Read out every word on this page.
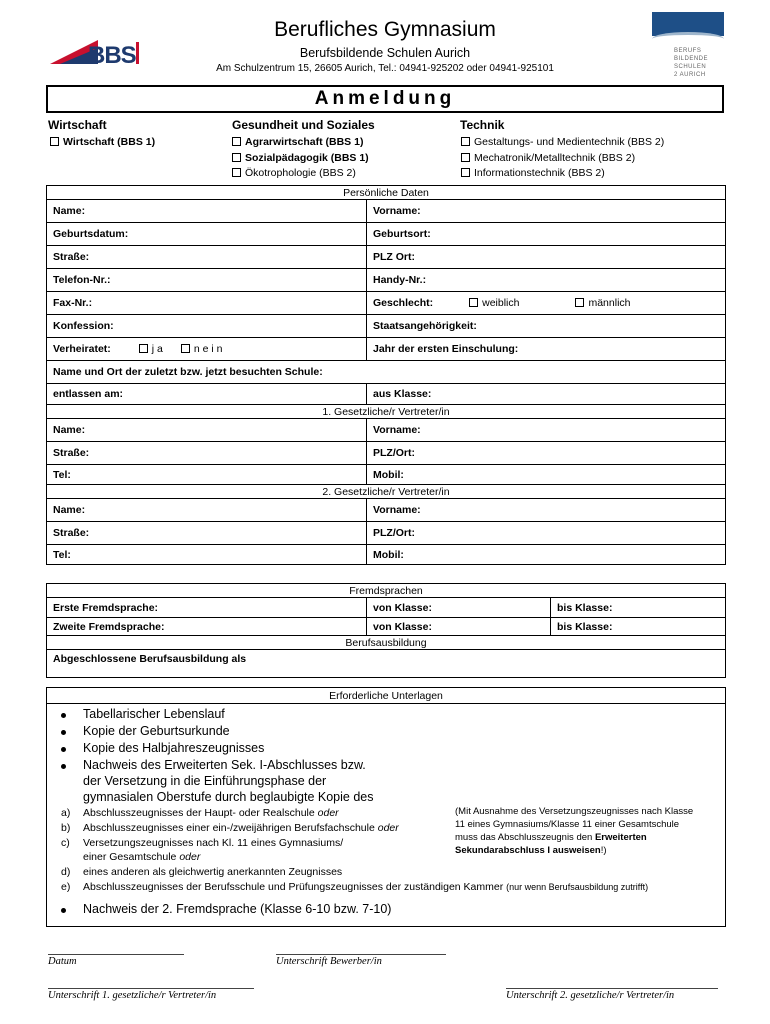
BBS
Berufliches Gymnasium
Berufsbildende Schulen Aurich
Am Schulzentrum 15, 26605 Aurich, Tel.: 04941-925202 oder 04941-925101
BERUFS
BILDENDE
SCHULEN
2 AURICH
Anmeldung
Wirtschaft	Gesundheit und Soziales	Technik
Wirtschaft (BBS 1)	Agrarwirtschaft (BBS 1)
Sozialpädagogik (BBS 1)
Ökotrophologie (BBS 2)
Gestaltungs- und Medientechnik (BBS 2)
Mechatronik/Metalltechnik (BBS 2)
Informationstechnik (BBS 2)
Persönliche Daten	
Name:	Vorname:
Geburtsdatum:	Geburtsort:
Straße:	PLZ Ort:
Telefon-Nr.:	Handy-Nr.:
Fax-Nr.:	Geschlecht: weiblich männlich
Konfession:	Staatsangehörigkeit:
Verheiratet: j a n e i n	Jahr der ersten Einschulung:
Name und Ort der zuletzt bzw. jetzt besuchten Schule:	
entlassen am:	aus Klasse:
1. Gesetzliche/r Vertreter/in	
Name:	Vorname:
Straße:	PLZ/Ort:
Tel:	Mobil:
2. Gesetzliche/r Vertreter/in	
Name:	Vorname:
Straße:	PLZ/Ort:
Tel:	Mobil:
Fremdsprachen		
Erste Fremdsprache:	von Klasse:	bis Klasse:
Zweite Fremdsprache:	von Klasse:	bis Klasse:
Berufsausbildung		
Abgeschlossene Berufsausbildung als		
Erforderliche Unterlagen
Tabellarischer Lebenslauf
Kopie der Geburtsurkunde
Kopie des Halbjahreszeugnisses
Nachweis des Erweiterten Sek. I-Abschlusses bzw.
der Versetzung in die Einführungsphase der
gymnasialen Oberstufe durch beglaubigte Kopie des
a) Abschlusszeugnisses der Haupt- oder Realschule oder
b) Abschlusszeugnisses einer ein-/zweijährigen Berufsfachschule oder
c) Versetzungszeugnisses nach Kl. 11 eines Gymnasiums/
einer Gesamtschule oder
d) eines anderen als gleichwertig anerkannten Zeugnisses
e) Abschlusszeugnisses der Berufsschule und Prüfungszeugnisses der zuständigen Kammer (nur wenn Berufsausbildung zutrifft)
(Mit Ausnahme des Versetzungszeugnisses nach Klasse
11 eines Gymnasiums/Klasse 11 einer Gesamtschule
muss das Abschlusszeugnis den Erweiterten
Sekundarabschluss I ausweisen!)
Nachweis der 2. Fremdsprache (Klasse 6-10 bzw. 7-10)
Datum	Unterschrift Bewerber/in
Unterschrift 1. gesetzliche/r Vertreter/in	Unterschrift 2. gesetzliche/r Vertreter/in
